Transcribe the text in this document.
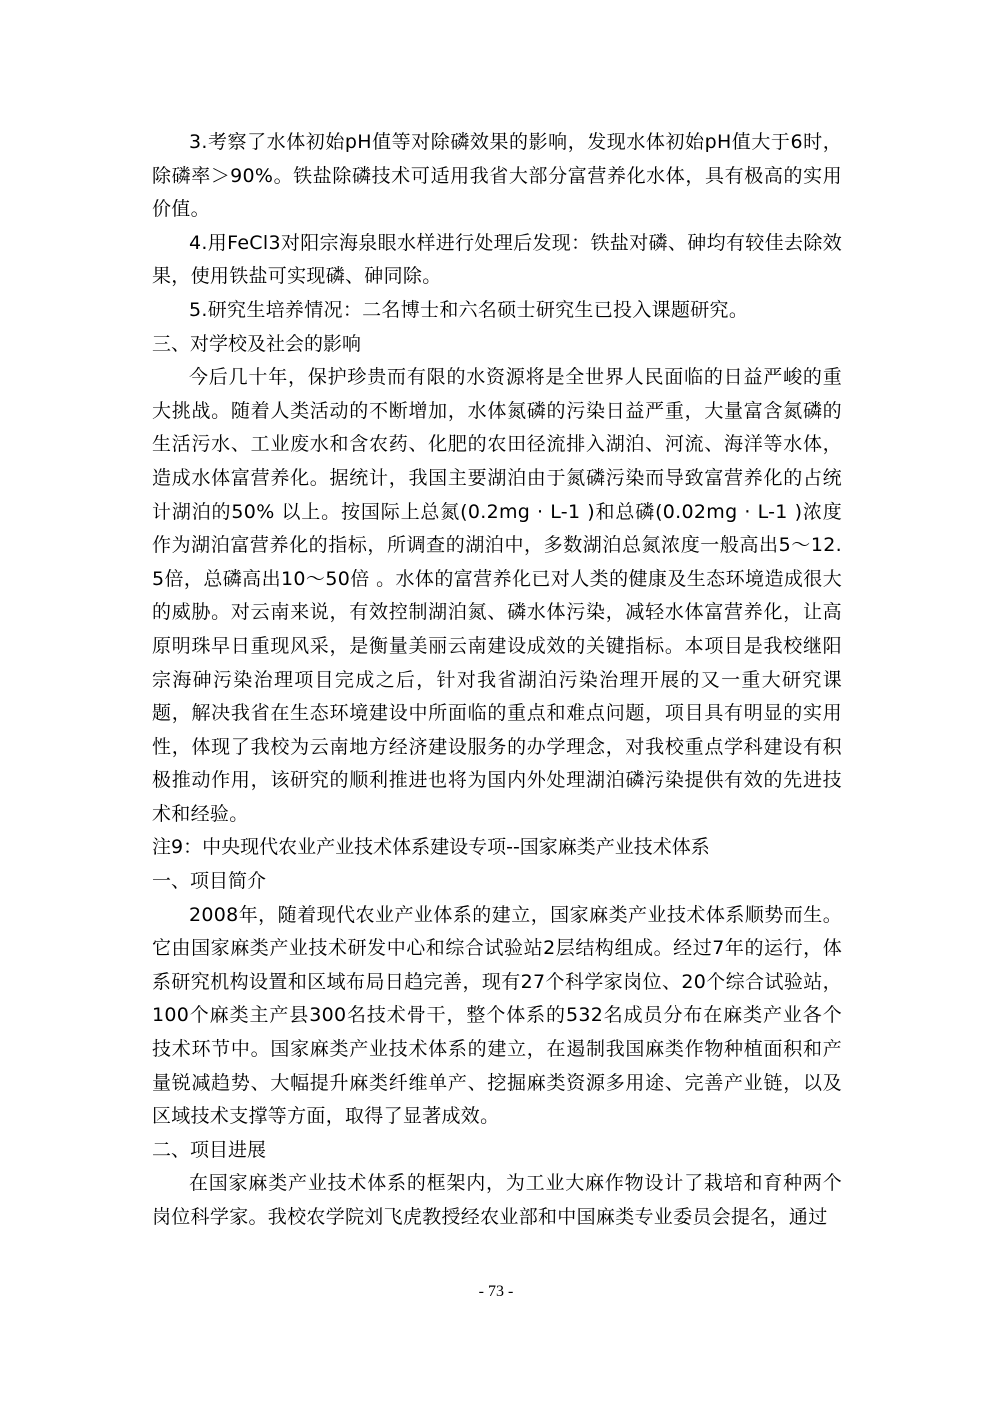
3.考察了水体初始pH值等对除磷效果的影响，发现水体初始pH值大于6时，除磷率＞90%。铁盐除磷技术可适用我省大部分富营养化水体，具有极高的实用价值。

4.用FeCl3对阳宗海泉眼水样进行处理后发现：铁盐对磷、砷均有较佳去除效果，使用铁盐可实现磷、砷同除。

5.研究生培养情况：二名博士和六名硕士研究生已投入课题研究。

三、对学校及社会的影响

今后几十年，保护珍贵而有限的水资源将是全世界人民面临的日益严峻的重大挑战。随着人类活动的不断增加，水体氮磷的污染日益严重，大量富含氮磷的生活污水、工业废水和含农药、化肥的农田径流排入湖泊、河流、海洋等水体，造成水体富营养化。据统计，我国主要湖泊由于氮磷污染而导致富营养化的占统计湖泊的50% 以上。按国际上总氮(0.2mg · L-1 )和总磷(0.02mg · L-1 )浓度作为湖泊富营养化的指标，所调查的湖泊中，多数湖泊总氮浓度一般高出5～12. 5倍，总磷高出10～50倍 。水体的富营养化已对人类的健康及生态环境造成很大的威胁。对云南来说，有效控制湖泊氮、磷水体污染，减轻水体富营养化，让高原明珠早日重现风采，是衡量美丽云南建设成效的关键指标。本项目是我校继阳宗海砷污染治理项目完成之后，针对我省湖泊污染治理开展的又一重大研究课题，解决我省在生态环境建设中所面临的重点和难点问题，项目具有明显的实用性，体现了我校为云南地方经济建设服务的办学理念，对我校重点学科建设有积极推动作用，该研究的顺利推进也将为国内外处理湖泊磷污染提供有效的先进技术和经验。

注9：中央现代农业产业技术体系建设专项--国家麻类产业技术体系

一、项目简介

2008年，随着现代农业产业体系的建立，国家麻类产业技术体系顺势而生。它由国家麻类产业技术研发中心和综合试验站2层结构组成。经过7年的运行，体系研究机构设置和区域布局日趋完善，现有27个科学家岗位、20个综合试验站，100个麻类主产县300名技术骨干，整个体系的532名成员分布在麻类产业各个技术环节中。国家麻类产业技术体系的建立，在遏制我国麻类作物种植面积和产量锐减趋势、大幅提升麻类纤维单产、挖掘麻类资源多用途、完善产业链，以及区域技术支撑等方面，取得了显著成效。

二、项目进展

在国家麻类产业技术体系的框架内，为工业大麻作物设计了栽培和育种两个岗位科学家。我校农学院刘飞虎教授经农业部和中国麻类专业委员会提名，通过

- 73 -
